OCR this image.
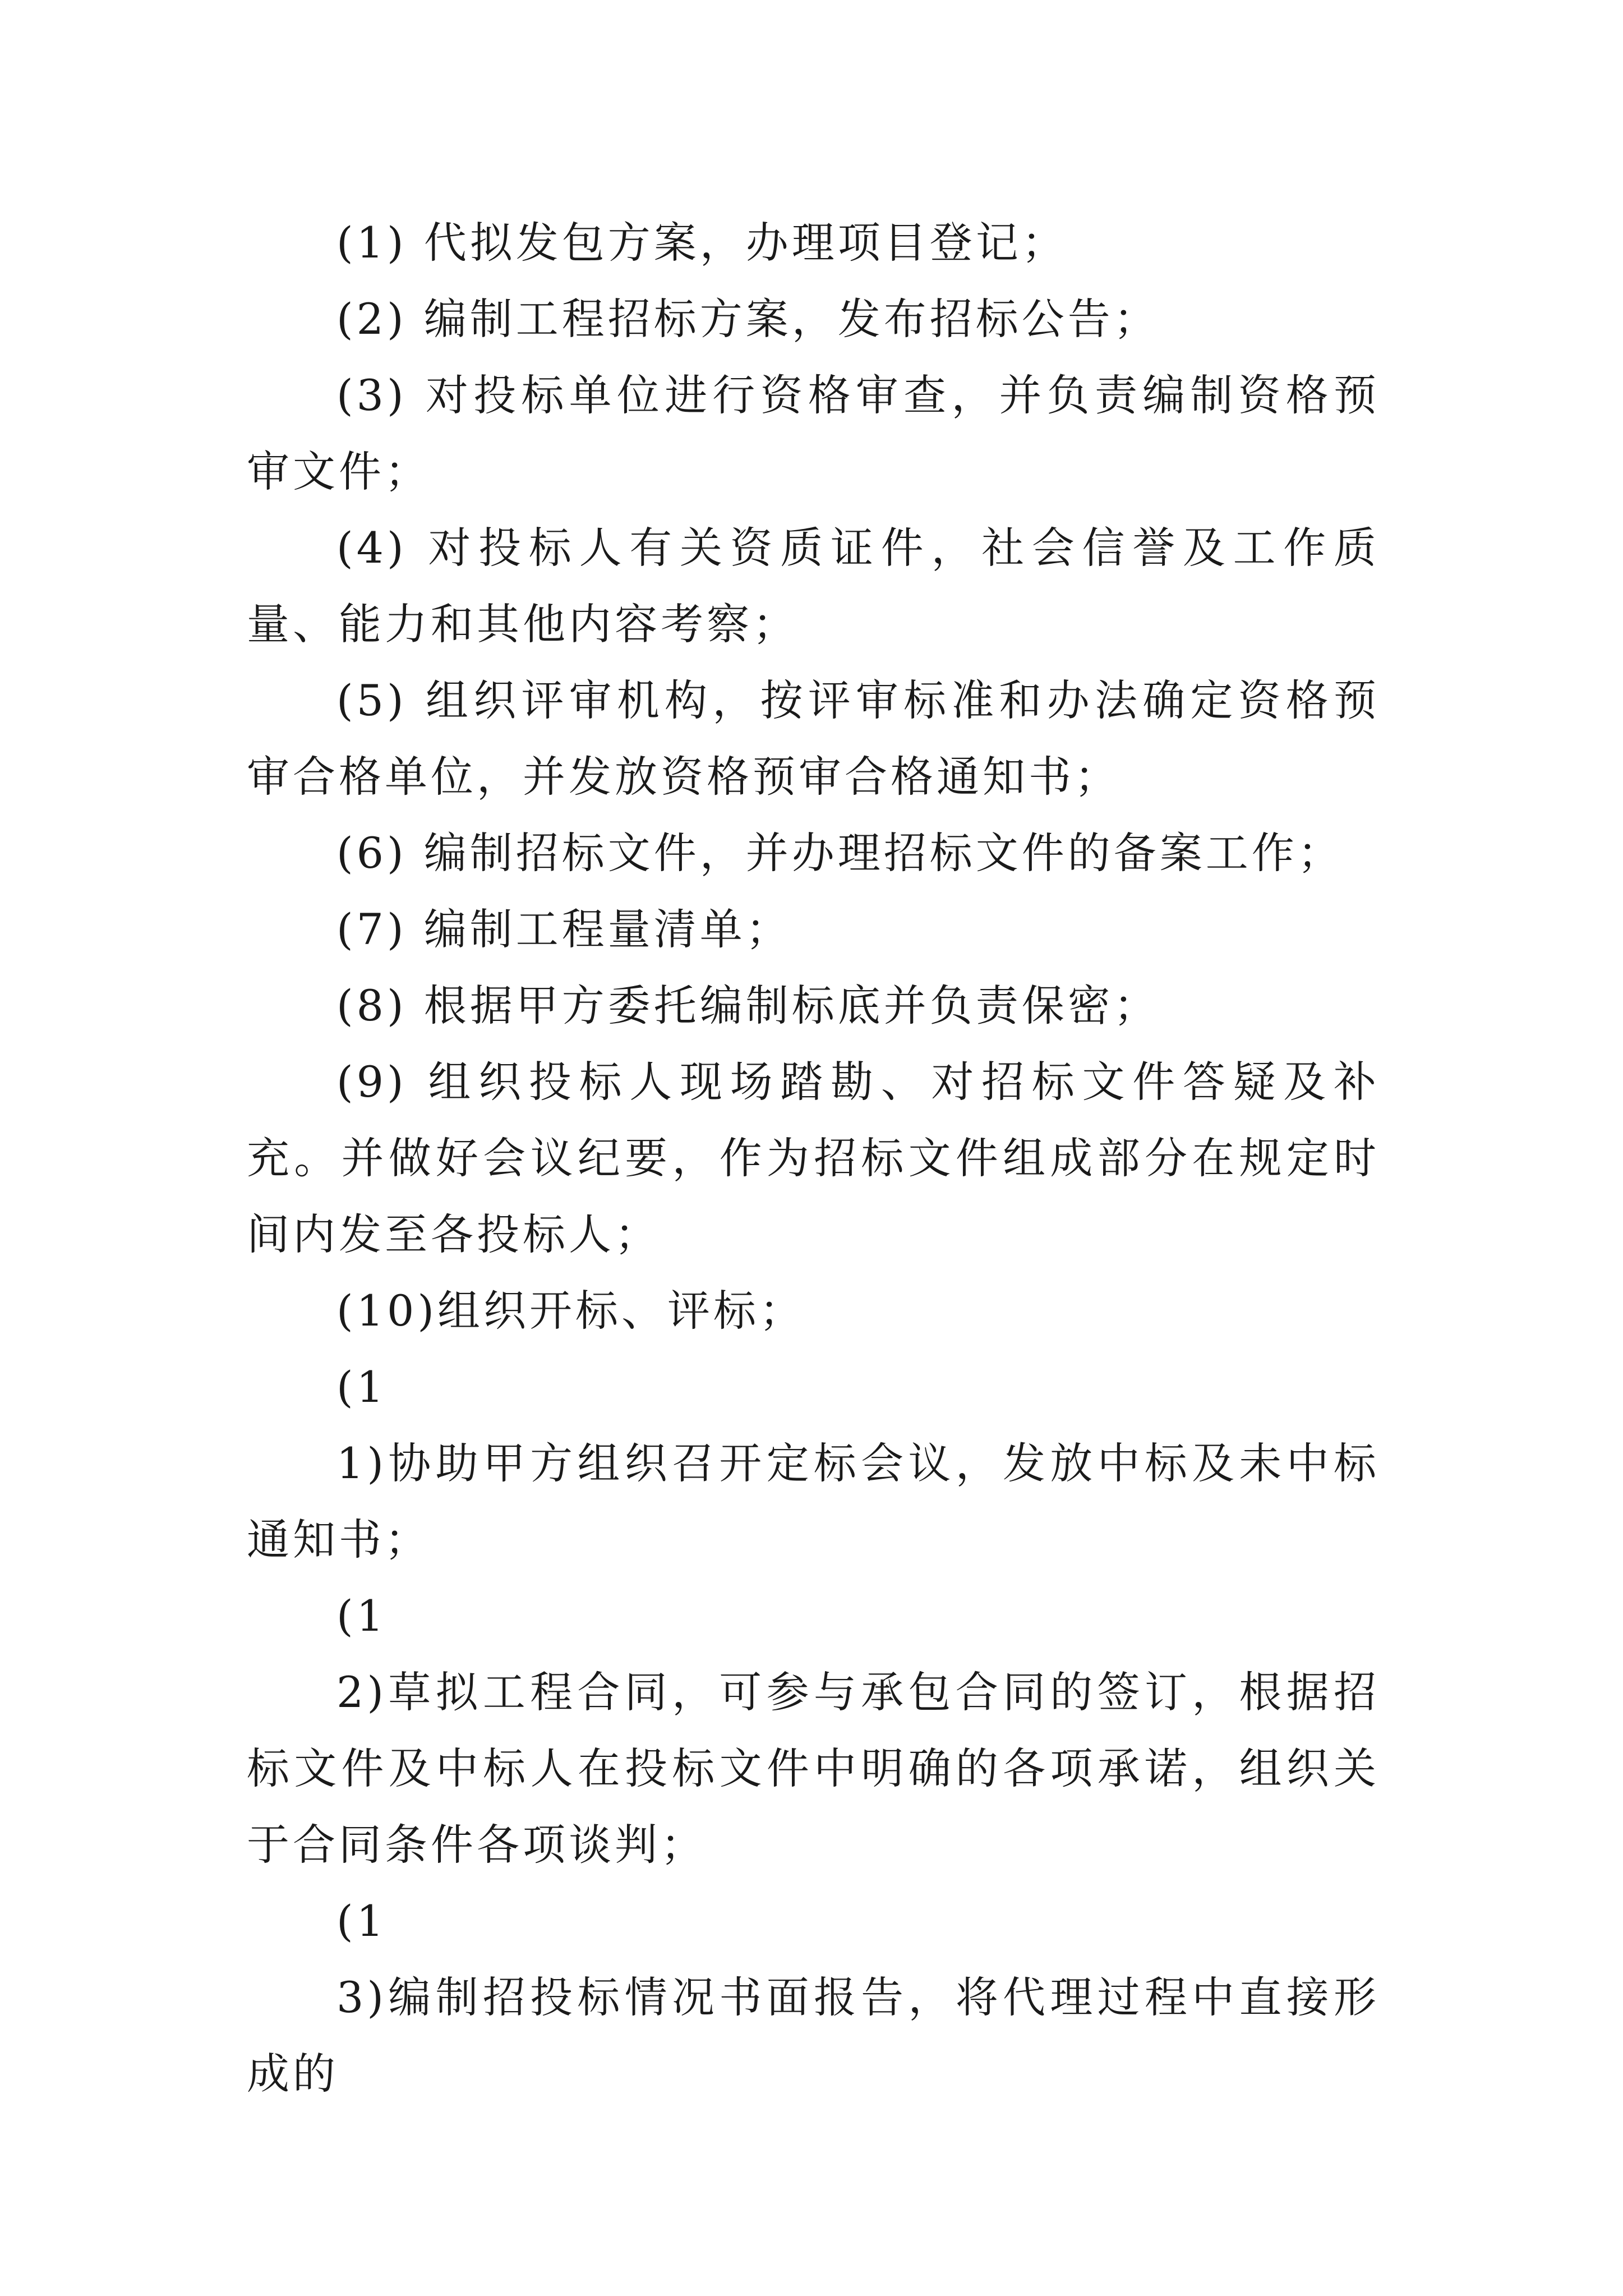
(1) 代拟发包方案，办理项目登记；

(2) 编制工程招标方案，发布招标公告；

(3) 对投标单位进行资格审查，并负责编制资格预审文件；

(4) 对投标人有关资质证件，社会信誉及工作质量、能力和其他内容考察；

(5) 组织评审机构，按评审标准和办法确定资格预审合格单位，并发放资格预审合格通知书；

(6) 编制招标文件，并办理招标文件的备案工作；

(7) 编制工程量清单；

(8) 根据甲方委托编制标底并负责保密；

(9) 组织投标人现场踏勘、对招标文件答疑及补充。并做好会议纪要，作为招标文件组成部分在规定时间内发至各投标人；

(10)组织开标、评标；

(1

1)协助甲方组织召开定标会议，发放中标及未中标通知书；

(1

2)草拟工程合同，可参与承包合同的签订，根据招标文件及中标人在投标文件中明确的各项承诺，组织关于合同条件各项谈判；

(1

3)编制招投标情况书面报告，将代理过程中直接形成的
